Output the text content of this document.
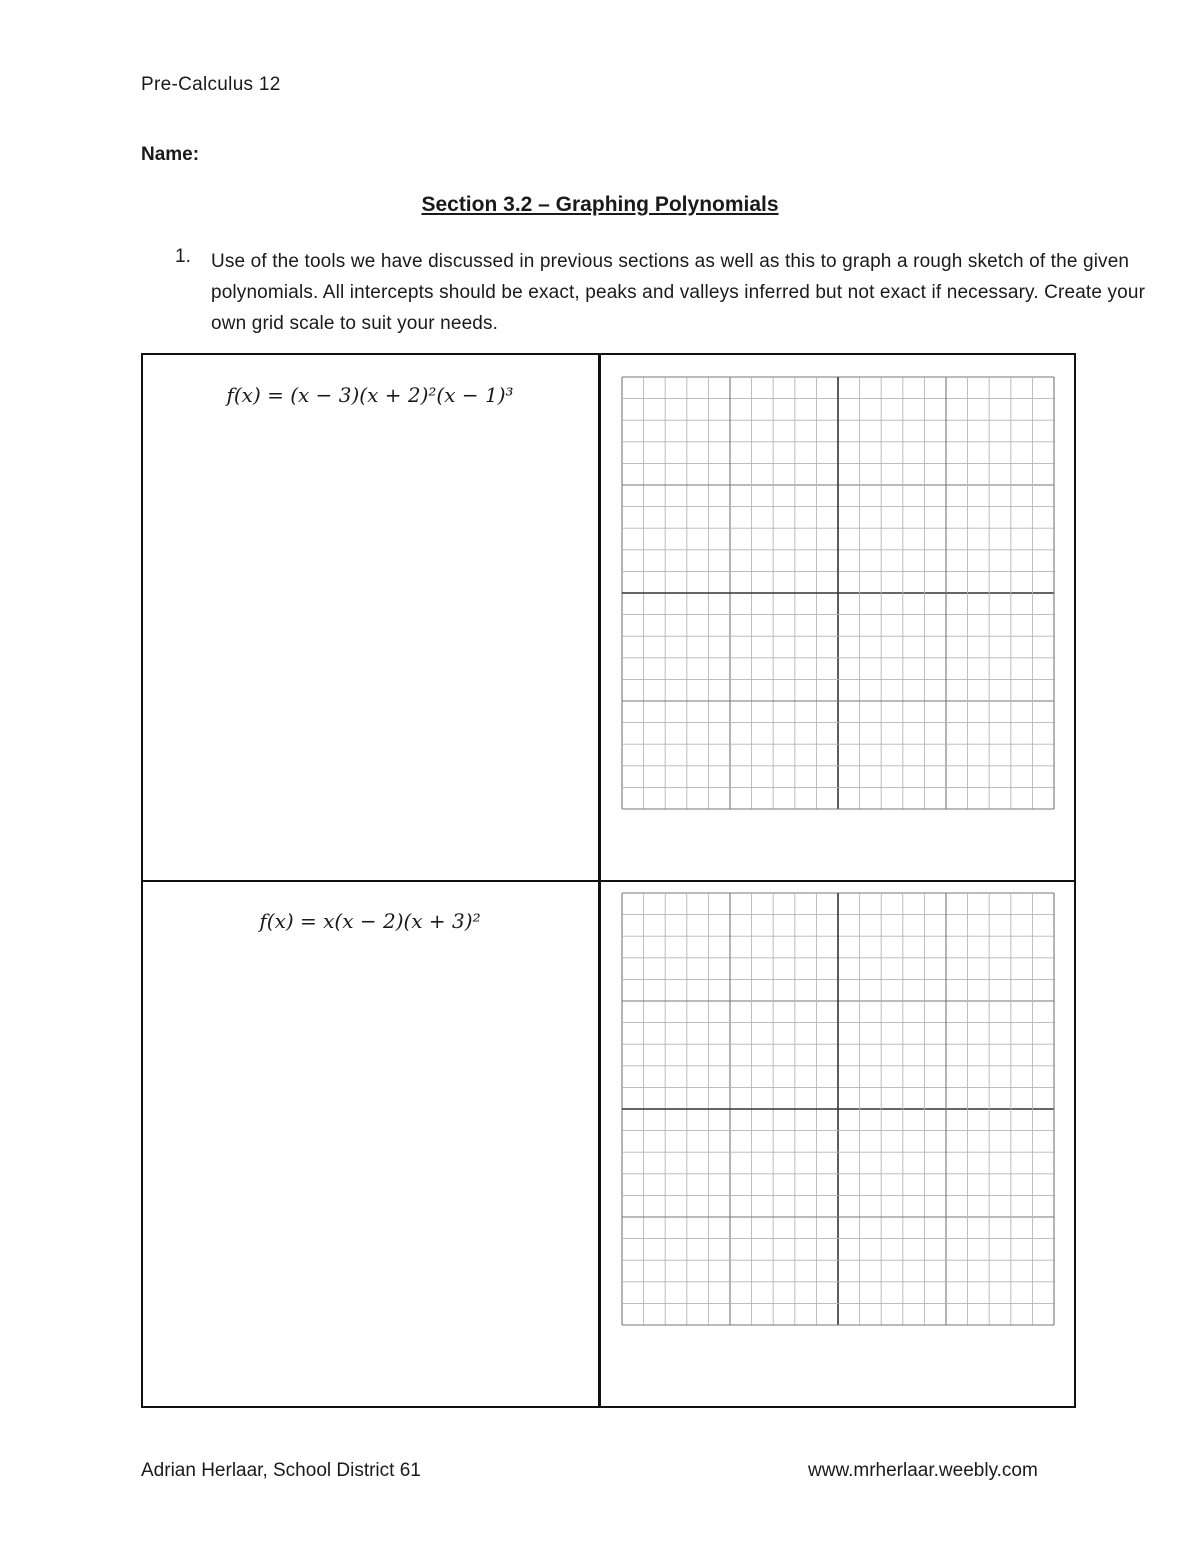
Pre-Calculus 12
Name:
Section 3.2 – Graphing Polynomials
1. Use of the tools we have discussed in previous sections as well as this to graph a rough sketch of the given polynomials. All intercepts should be exact, peaks and valleys inferred but not exact if necessary. Create your own grid scale to suit your needs.
f(x) = (x − 3)(x + 2)²(x − 1)³
f(x) = x(x − 2)(x + 3)²
Adrian Herlaar, School District 61	www.mrherlaar.weebly.com
